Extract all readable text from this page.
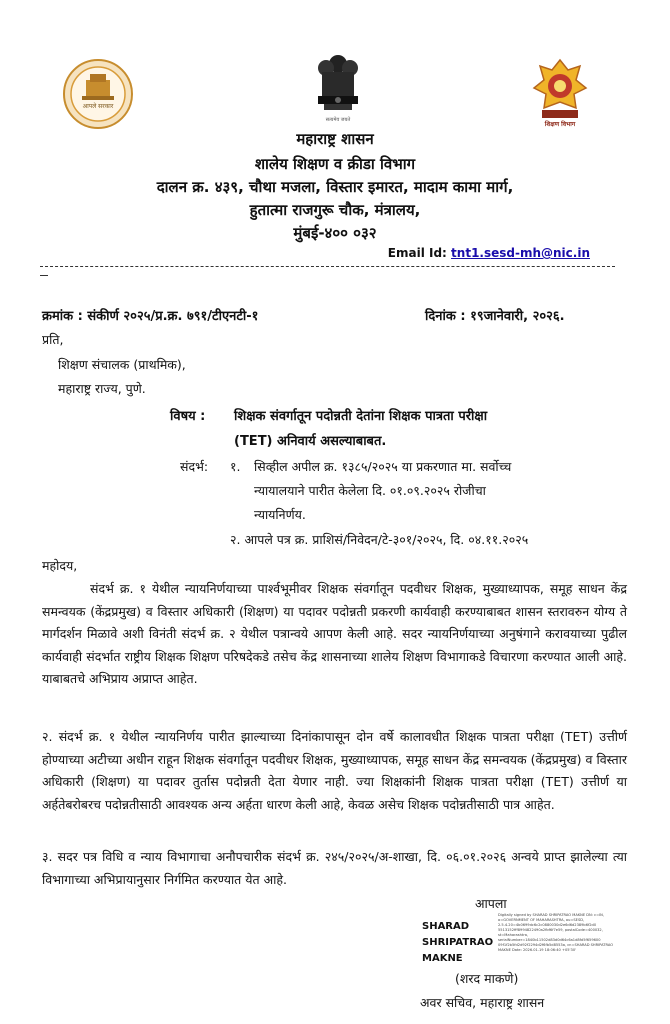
आपले सरकार
सत्यमेव जयते
शिक्षण विभाग
महाराष्ट्र शासन
शालेय शिक्षण व क्रीडा विभाग
दालन क्र. ४३९, चौथा मजला, विस्तार इमारत, मादाम कामा मार्ग,
हुतात्मा राजगुरू चौक, मंत्रालय,
मुंबई-४०० ०३२
Email Id: tnt1.sesd-mh@nic.in
क्रमांक : संकीर्ण २०२५/प्र.क्र. ७९१/टीएनटी-१	दिनांक : १९जानेवारी, २०२६.
प्रति,
शिक्षण संचालक (प्राथमिक),
महाराष्ट्र राज्य, पुणे.
विषय : शिक्षक संवर्गातून पदोन्नती देतांना शिक्षक पात्रता परीक्षा
(TET) अनिवार्य असल्याबाबत.
संदर्भ: १. सिव्हील अपील क्र. १३८५/२०२५ या प्रकरणात मा. सर्वोच्च
न्यायालयाने पारीत केलेला दि. ०१.०९.२०२५ रोजीचा
न्यायनिर्णय.
२. आपले पत्र क्र. प्राशिसं/निवेदन/टे-३०१/२०२५, दि. ०४.११.२०२५
महोदय,
संदर्भ क्र. १ येथील न्यायनिर्णयाच्या पार्श्वभूमीवर शिक्षक संवर्गातून पदवीधर शिक्षक, मुख्याध्यापक, समूह साधन केंद्र समन्वयक (केंद्रप्रमुख) व विस्तार अधिकारी (शिक्षण) या पदावर पदोन्नती प्रकरणी कार्यवाही करण्याबाबत शासन स्तरावरुन योग्य ते मार्गदर्शन मिळावे अशी विनंती संदर्भ क्र. २ येथील पत्रान्वये आपण केली आहे. सदर न्यायनिर्णयाच्या अनुषंगाने करावयाच्या पुढील कार्यवाही संदर्भात राष्ट्रीय शिक्षक शिक्षण परिषदेकडे तसेच केंद्र शासनाच्या शालेय शिक्षण विभागाकडे विचारणा करण्यात आली आहे. याबाबतचे अभिप्राय अप्राप्त आहेत.
२. संदर्भ क्र. १ येथील न्यायनिर्णय पारीत झाल्याच्या दिनांकापासून दोन वर्षे कालावधीत शिक्षक पात्रता परीक्षा (TET) उत्तीर्ण होण्याच्या अटीच्या अधीन राहून शिक्षक संवर्गातून पदवीधर शिक्षक, मुख्याध्यापक, समूह साधन केंद्र समन्वयक (केंद्रप्रमुख) व विस्तार अधिकारी (शिक्षण) या पदावर तुर्तास पदोन्नती देता येणार नाही. ज्या शिक्षकांनी शिक्षक पात्रता परीक्षा (TET) उत्तीर्ण या अर्हतेबरोबरच पदोन्नतीसाठी आवश्यक अन्य अर्हता धारण केली आहे, केवळ असेच शिक्षक पदोन्नतीसाठी पात्र आहेत.
३. सदर पत्र विधि व न्याय विभागाचा अनौपचारीक संदर्भ क्र. २४५/२०२५/अ-शाखा, दि. ०६.०१.२०२६ अन्वये प्राप्त झालेल्या त्या विभागाच्या अभिप्रायानुसार निर्गमित करण्यात येत आहे.
आपला
SHARAD
SHRIPATRAO
MAKNE
Digitally signed by SHARAD SHRIPATRAO MAKNE DN: c=IN, o=GOVERNMENT OF MAHARASHTRA, ou=SESD, 2.5.4.20=4b0699dc6c2c0880030d2e6d6d2389b6f2d0 5513152fff8994822490a2fbf6f7e59, postalCode=400032, st=Maharashtra, serialNumber=1840b11502d83d0d64c6a1d8fd5f659600 09f1f2b5fd2d92f2294d2f6fb5d8553a, cn=SHARAD SHRIPATRAO MAKNE Date: 2026.01.19 18:06:40 +05'30'
(शरद माकणे)
अवर सचिव, महाराष्ट्र शासन
